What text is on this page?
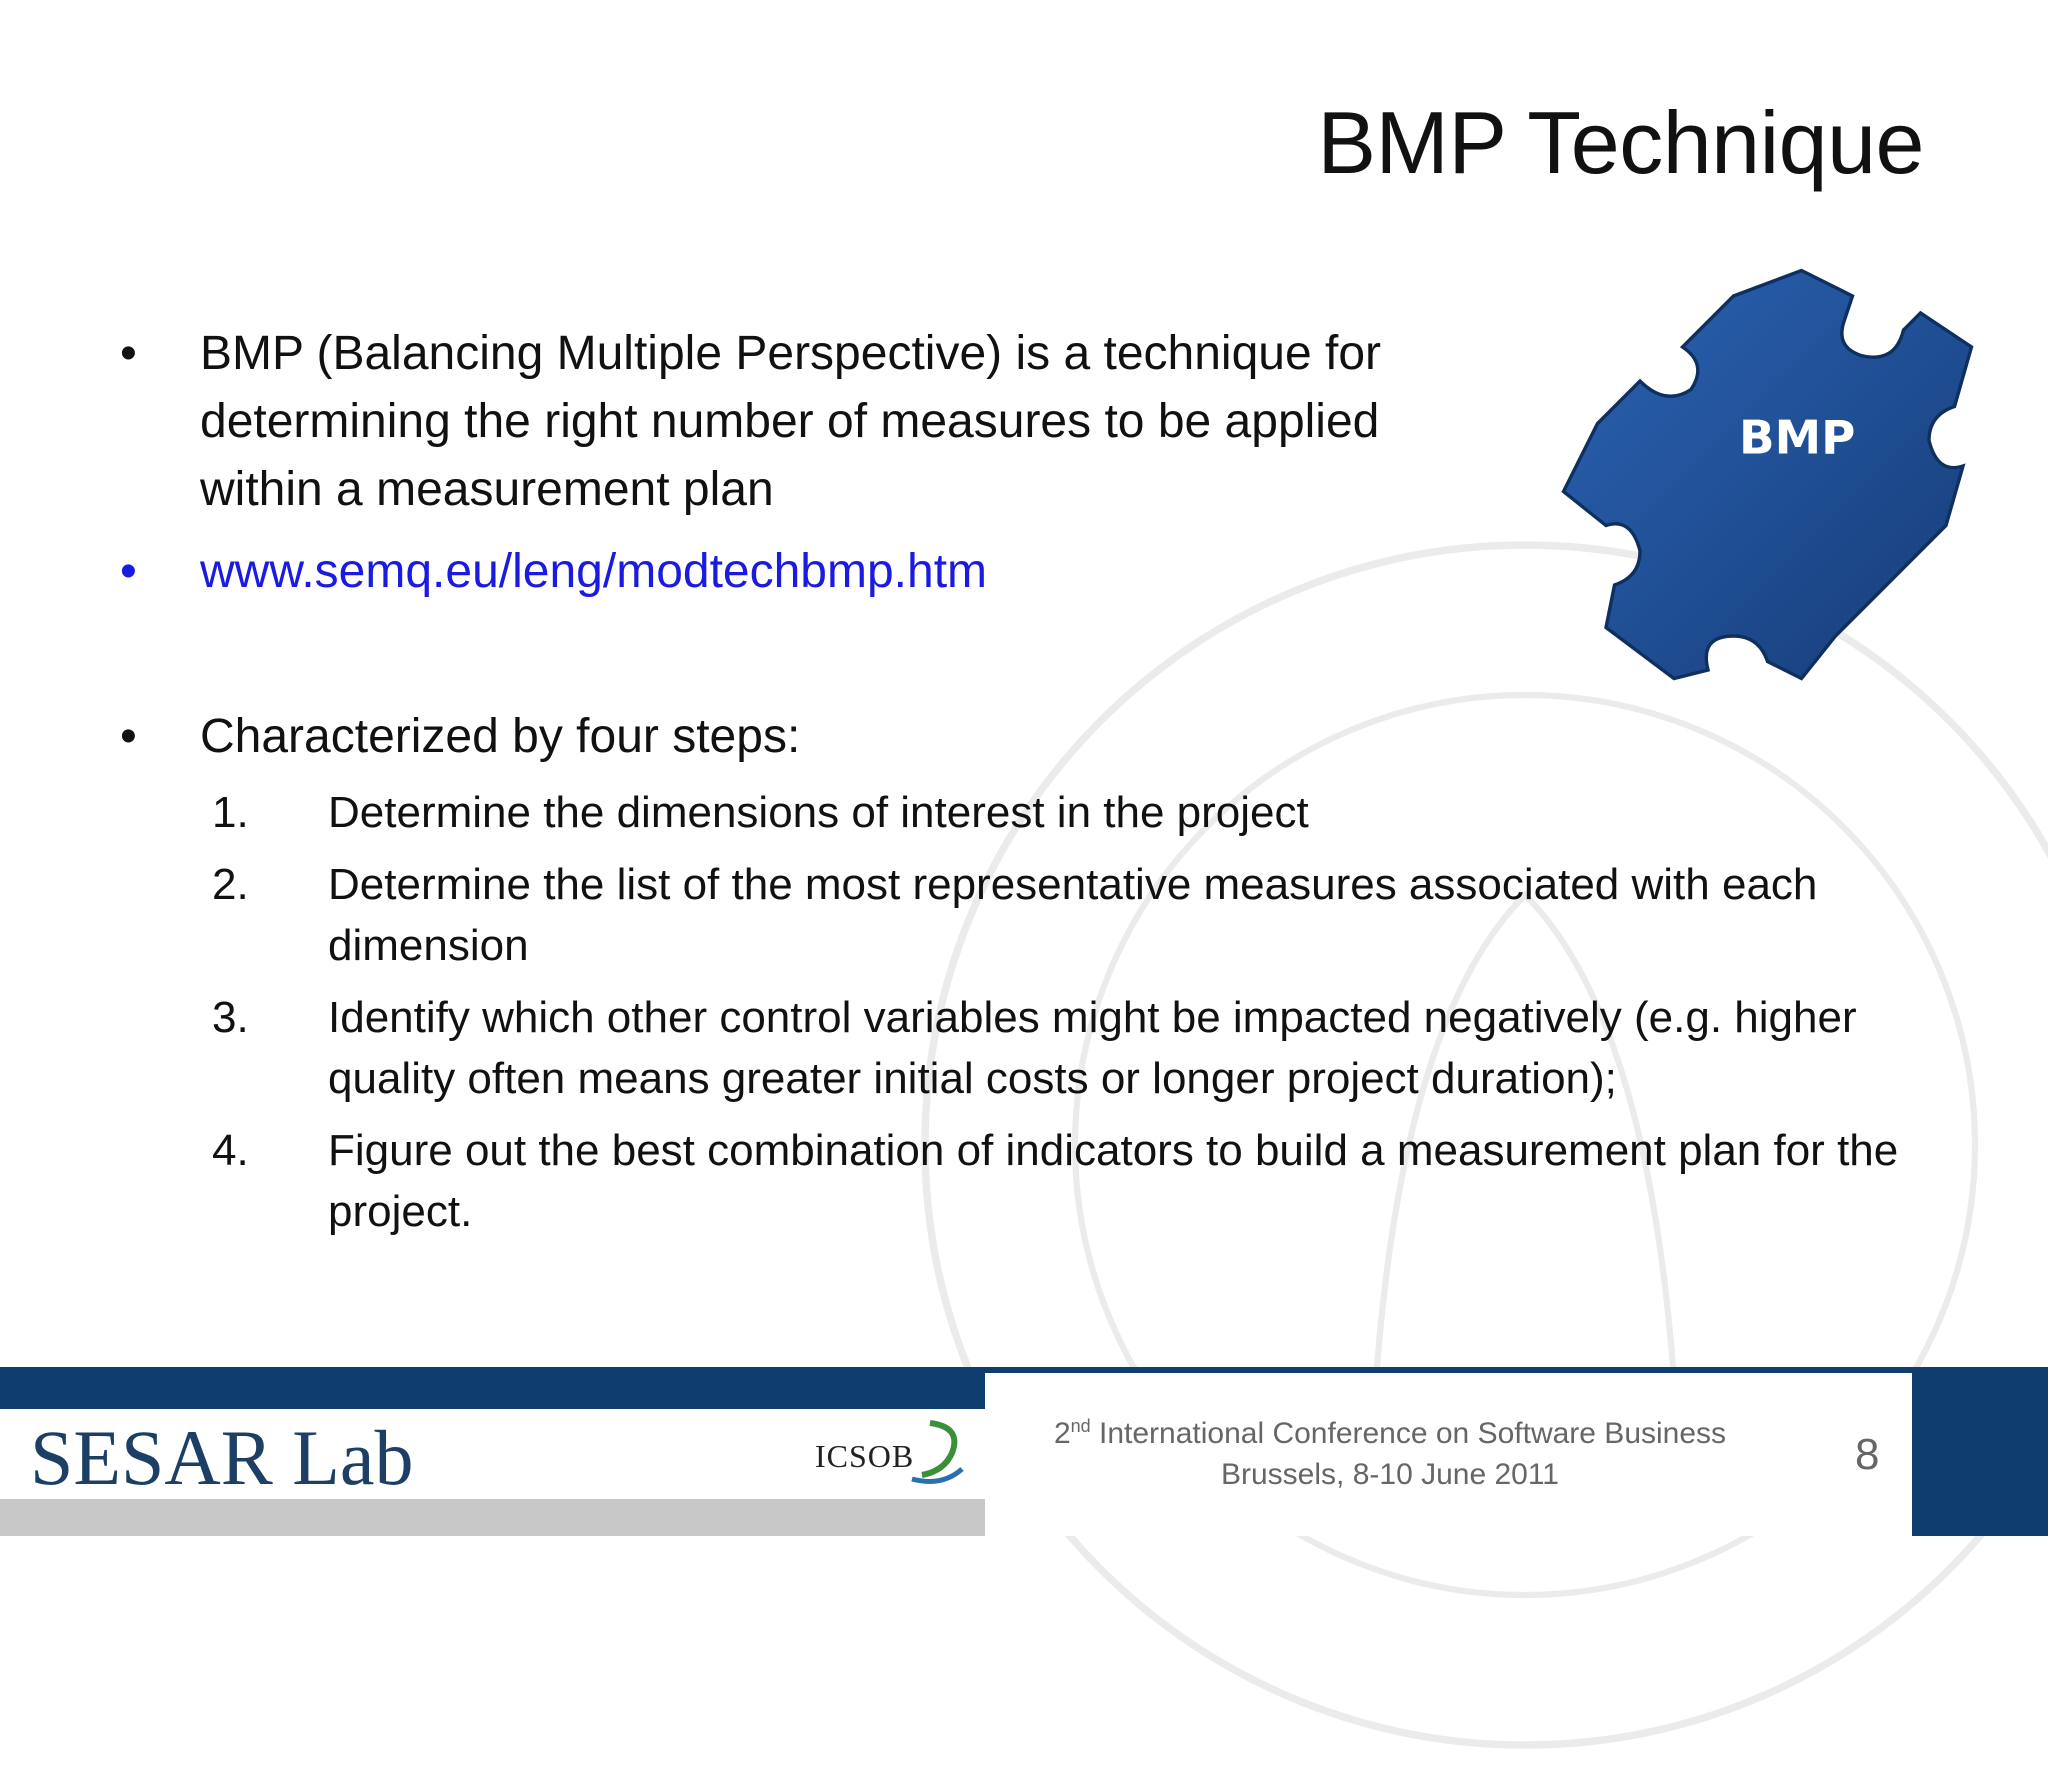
BMP Technique
BMP
•	BMP (Balancing Multiple Perspective) is a technique for determining the right number of measures to be applied within a measurement plan
•	www.semq.eu/leng/modtechbmp.htm
•	Characterized by four steps:
1.	Determine the dimensions of interest in the project
2.	Determine the list of the most representative measures associated with each dimension
3.	Identify which other control variables might be impacted negatively (e.g. higher quality often means greater initial costs or longer project duration);
4.	Figure out the best combination of indicators to build a measurement plan for the project.
SESAR Lab	ICSOB
2nd International Conference on Software Business
Brussels, 8-10 June 2011	8
